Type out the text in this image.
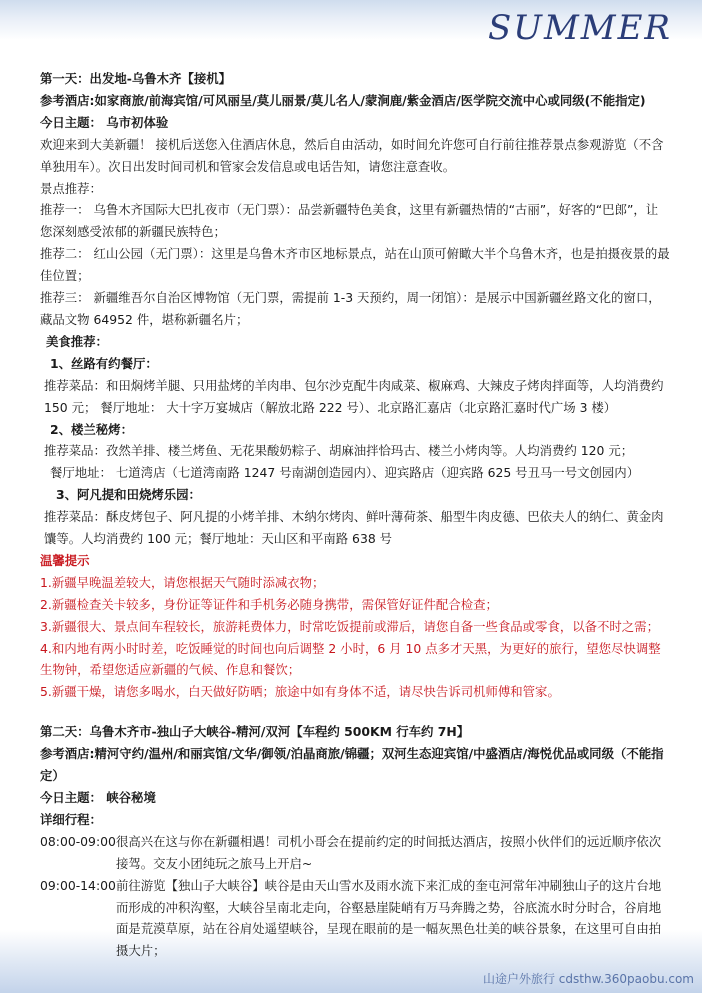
SUMMER

第一天：出发地-乌鲁木齐【接机】

参考酒店:如家商旅/前海宾馆/可风丽呈/莫儿丽景/莫儿名人/蒙涧鹿/紫金酒店/医学院交流中心或同级(不能指定)

今日主题： 乌市初体验

欢迎来到大美新疆！ 接机后送您入住酒店休息，然后自由活动，如时间允许您可自行前往推荐景点参观游览（不含单独用车）。次日出发时间司机和管家会发信息或电话告知，请您注意查收。

景点推荐：

推荐一： 乌鲁木齐国际大巴扎夜市（无门票）：品尝新疆特色美食，这里有新疆热情的“古丽”，好客的“巴郎”，让您深刻感受浓郁的新疆民族特色；

推荐二： 红山公园（无门票）：这里是乌鲁木齐市区地标景点，站在山顶可俯瞰大半个乌鲁木齐，也是拍摄夜景的最佳位置；

推荐三： 新疆维吾尔自治区博物馆（无门票，需提前 1-3 天预约，周一闭馆）：是展示中国新疆丝路文化的窗口，藏品文物 64952 件，堪称新疆名片；

美食推荐：

1、丝路有约餐厅：

推荐菜品：和田焖烤羊腿、只用盐烤的羊肉串、包尔沙克配牛肉咸菜、椒麻鸡、大辣皮子烤肉拌面等，人均消费约 150 元； 餐厅地址： 大十字万宴城店（解放北路 222 号）、北京路汇嘉店（北京路汇嘉时代广场 3 楼）

2、楼兰秘烤：

推荐菜品：孜然羊排、楼兰烤鱼、无花果酸奶粽子、胡麻油拌恰玛古、楼兰小烤肉等。人均消费约 120 元；

餐厅地址： 七道湾店（七道湾南路 1247 号南湖创造园内）、迎宾路店（迎宾路 625 号丑马一号文创园内）

3、阿凡提和田烧烤乐园：

推荐菜品：酥皮烤包子、阿凡提的小烤羊排、木纳尔烤肉、鲜叶薄荷茶、船型牛肉皮德、巴依夫人的纳仁、黄金肉馕等。人均消费约 100 元；餐厅地址：天山区和平南路 638 号

温馨提示

1.新疆早晚温差较大，请您根据天气随时添减衣物；

2.新疆检查关卡较多，身份证等证件和手机务必随身携带，需保管好证件配合检查；

3.新疆很大、景点间车程较长，旅游耗费体力，时常吃饭提前或滞后，请您自备一些食品或零食，以备不时之需；

4.和内地有两小时时差，吃饭睡觉的时间也向后调整 2 小时，6 月 10 点多才天黑，为更好的旅行，望您尽快调整生物钟，希望您适应新疆的气候、作息和餐饮；

5.新疆干燥，请您多喝水，白天做好防晒；旅途中如有身体不适，请尽快告诉司机师傅和管家。

第二天：乌鲁木齐市-独山子大峡谷-精河/双河【车程约 500KM 行车约 7H】

参考酒店:精河守约/温州/和丽宾馆/文华/御领/泊晶商旅/锦疆；双河生态迎宾馆/中盛酒店/海悦优品或同级（不能指定）

今日主题： 峡谷秘境

详细行程：

08:00-09:00 很高兴在这与你在新疆相遇！司机小哥会在提前约定的时间抵达酒店，按照小伙伴们的远近顺序依次接驾。交友小团纯玩之旅马上开启~
09:00-14:00 前往游览【独山子大峡谷】峡谷是由天山雪水及雨水流下来汇成的奎屯河常年冲刷独山子的这片台地而形成的冲积沟壑，大峡谷呈南北走向，谷壑悬崖陡峭有万马奔腾之势，谷底流水时分时合，谷肩地面是荒漠草原，站在谷肩处遥望峡谷，呈现在眼前的是一幅灰黑色壮美的峡谷景象，在这里可自由拍摄大片；
山途户外旅行 cdsthw.360paobu.com
